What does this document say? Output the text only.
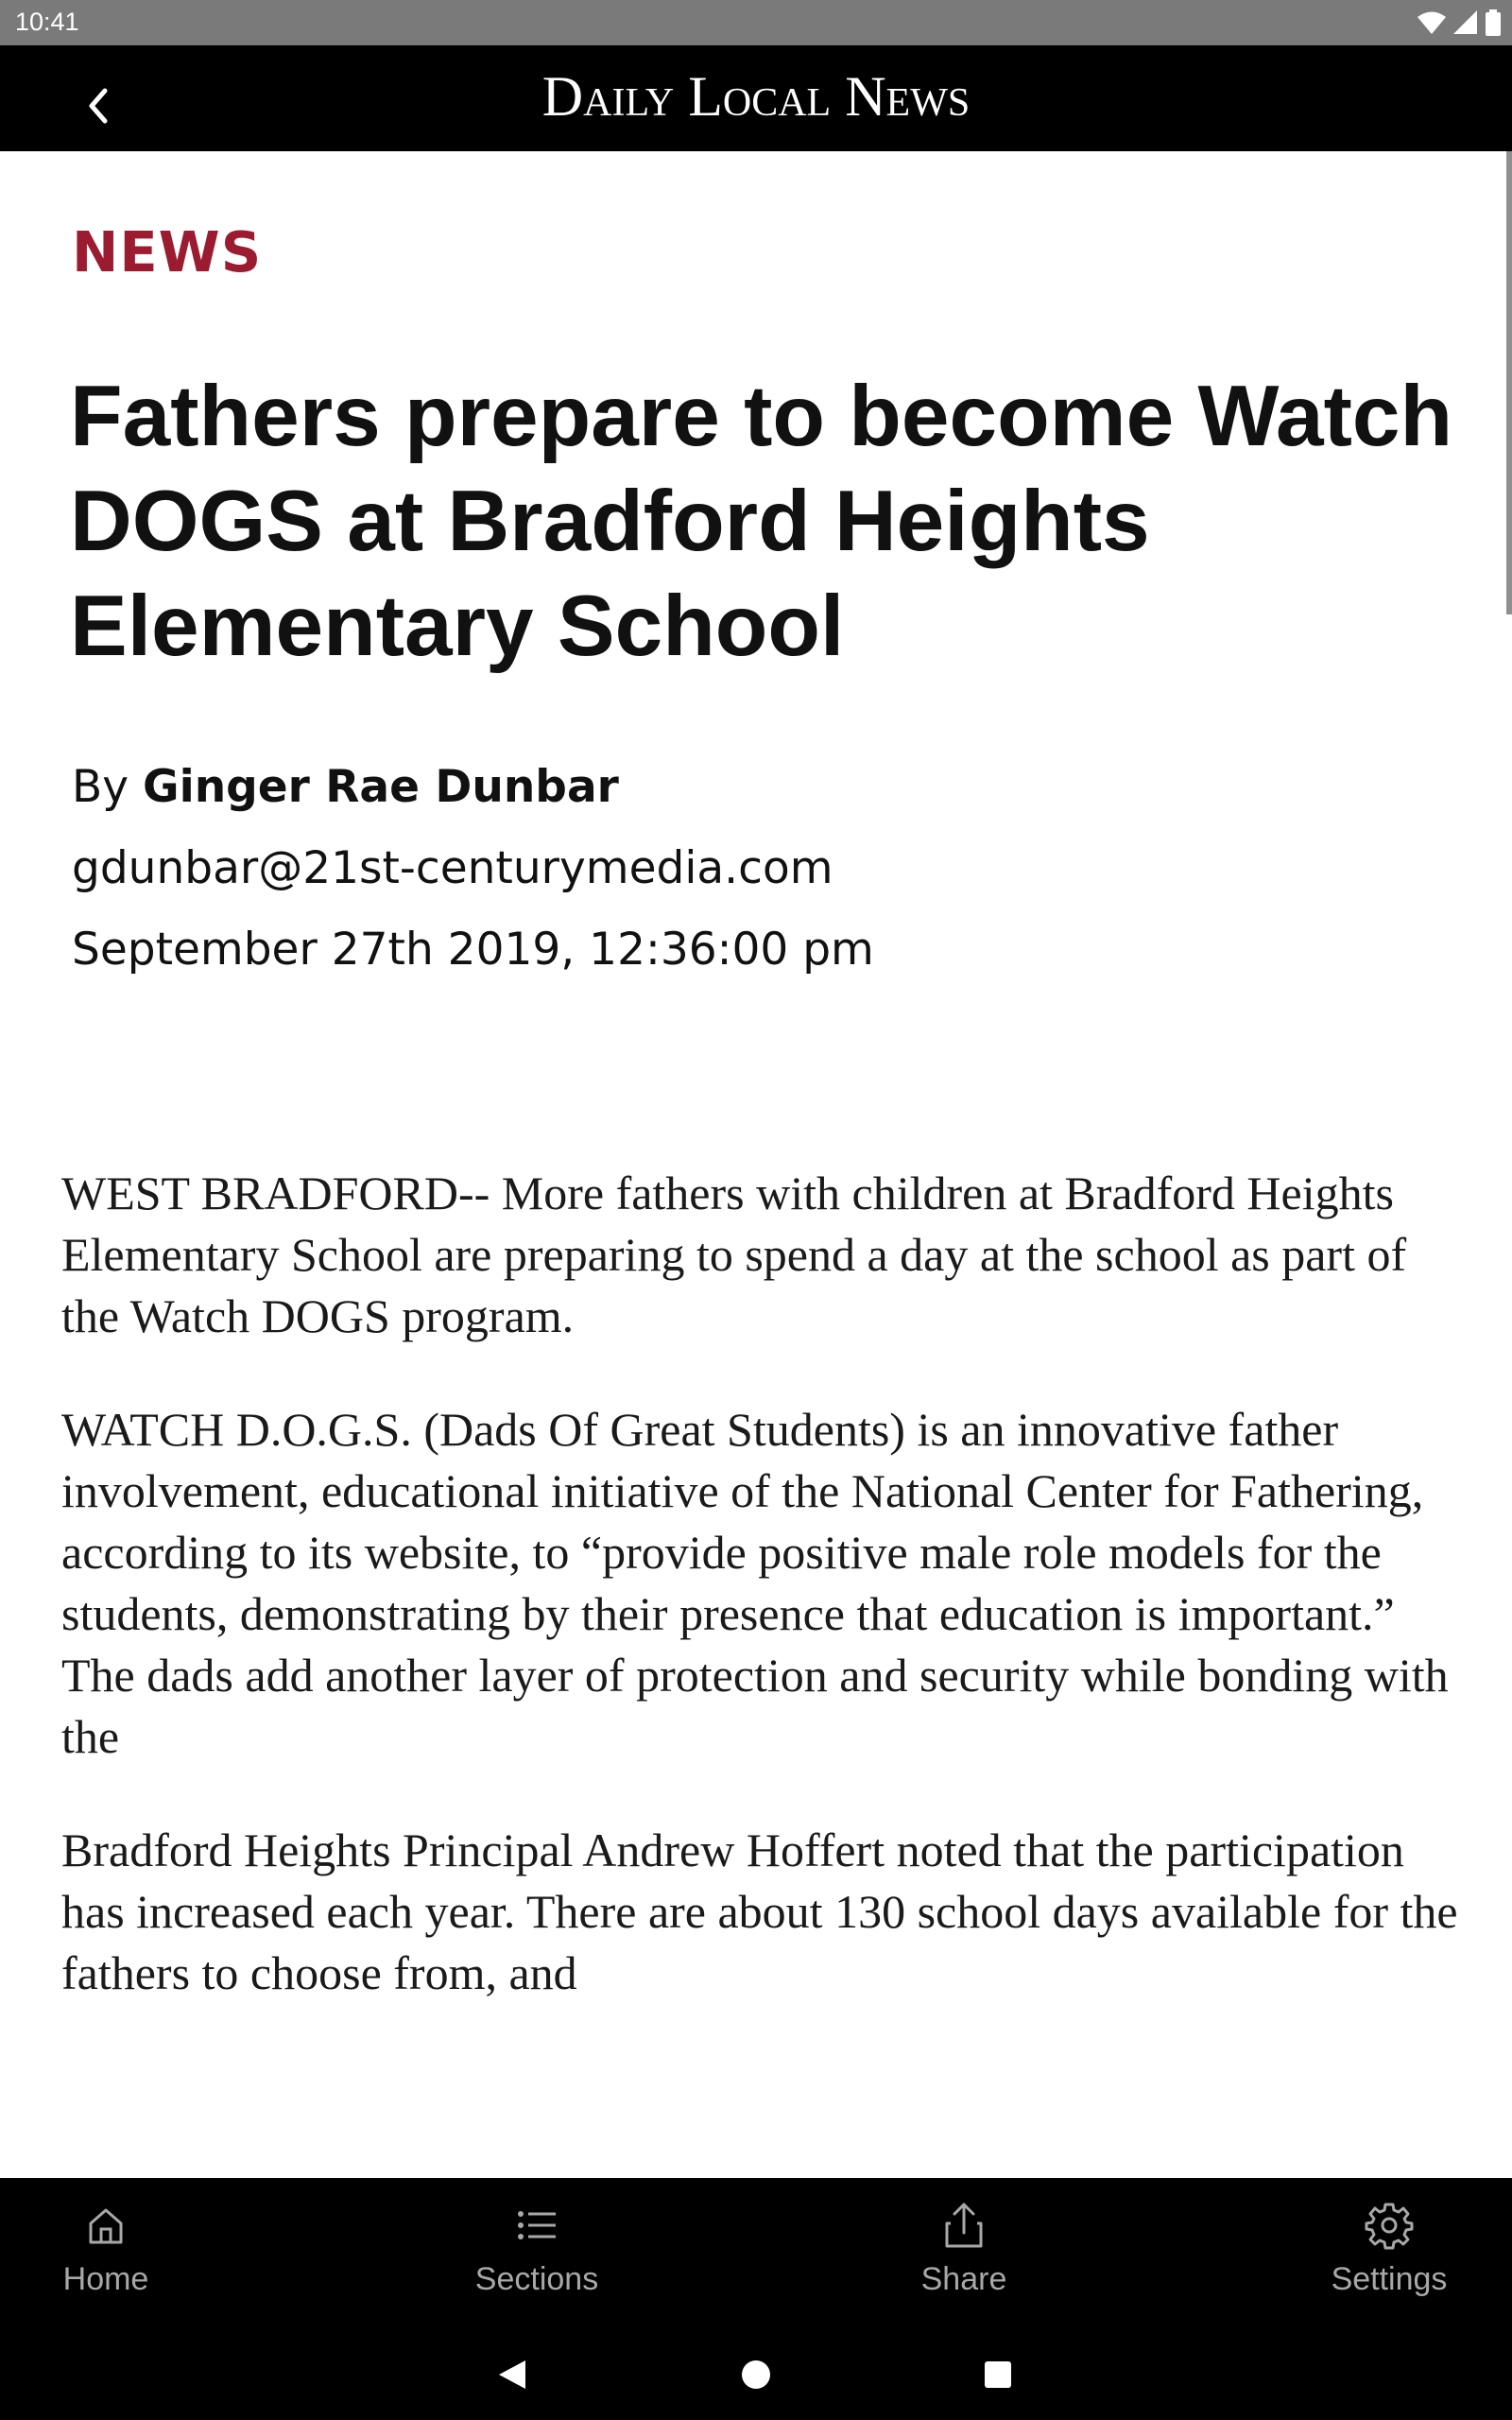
10:41
Daily Local News
NEWS
Fathers prepare to become Watch DOGS at Bradford Heights Elementary School
By Ginger Rae Dunbar
gdunbar@21st-centurymedia.com
September 27th 2019, 12:36:00 pm

WEST BRADFORD-- More fathers with children at Bradford Heights Elementary School are preparing to spend a day at the school as part of the Watch DOGS program.

WATCH D.O.G.S. (Dads Of Great Students) is an innovative father involvement, educational initiative of the National Center for Fathering, according to its website, to “provide positive male role models for the students, demonstrating by their presence that education is important.” The dads add another layer of protection and security while bonding with the

Bradford Heights Principal Andrew Hoffert noted that the participation has increased each year. There are about 130 school days available for the fathers to choose from, and

Home	Sections	Share	Settings
